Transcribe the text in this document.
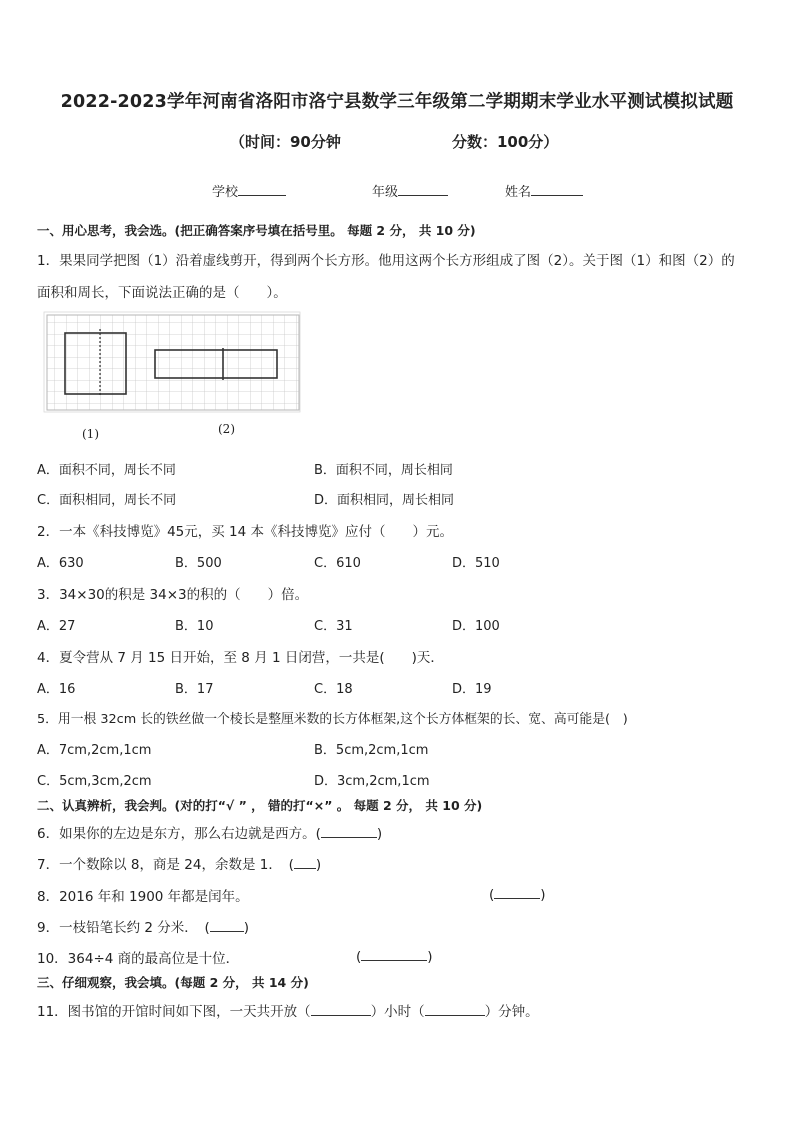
2022-2023学年河南省洛阳市洛宁县数学三年级第二学期期末学业水平测试模拟试题
（时间：90分钟	分数：100分）
学校	年级	姓名
一、用心思考，我会选。(把正确答案序号填在括号里。 每题 2 分， 共 10 分)
1．果果同学把图（1）沿着虚线剪开，得到两个长方形。他用这两个长方形组成了图（2）。关于图（1）和图（2）的
面积和周长，下面说法正确的是（　　）。
(1)	(2)
A．面积不同，周长不同	B．面积不同，周长相同
C．面积相同，周长不同	D．面积相同，周长相同
2．一本《科技博览》45元，买 14 本《科技博览》应付（　　）元。
A．630	B．500	C．610	D．510
3．34×30的积是 34×3的积的（　　）倍。
A．27	B．10	C．31	D．100
4．夏令营从 7 月 15 日开始，至 8 月 1 日闭营，一共是(　　)天．
A．16	B．17	C．18	D．19
5．用一根 32cm 长的铁丝做一个棱长是整厘米数的长方体框架,这个长方体框架的长、宽、高可能是(　)
A．7cm,2cm,1cm	B．5cm,2cm,1cm
C．5cm,3cm,2cm	D．3cm,2cm,1cm
二、认真辨析，我会判。(对的打“√ ” ， 错的打“×” 。 每题 2 分， 共 10 分)
6．如果你的左边是东方，那么右边就是西方。(	)
7．一个数除以 8，商是 24，余数是 1．　( )
8．2016 年和 1900 年都是闰年。	(	)
9．一枝铅笔长约 2 分米．　(	)
10．364÷4 商的最高位是十位．	(	)
三、仔细观察，我会填。(每题 2 分， 共 14 分)
11．图书馆的开馆时间如下图，一天共开放（	）小时（	）分钟。
